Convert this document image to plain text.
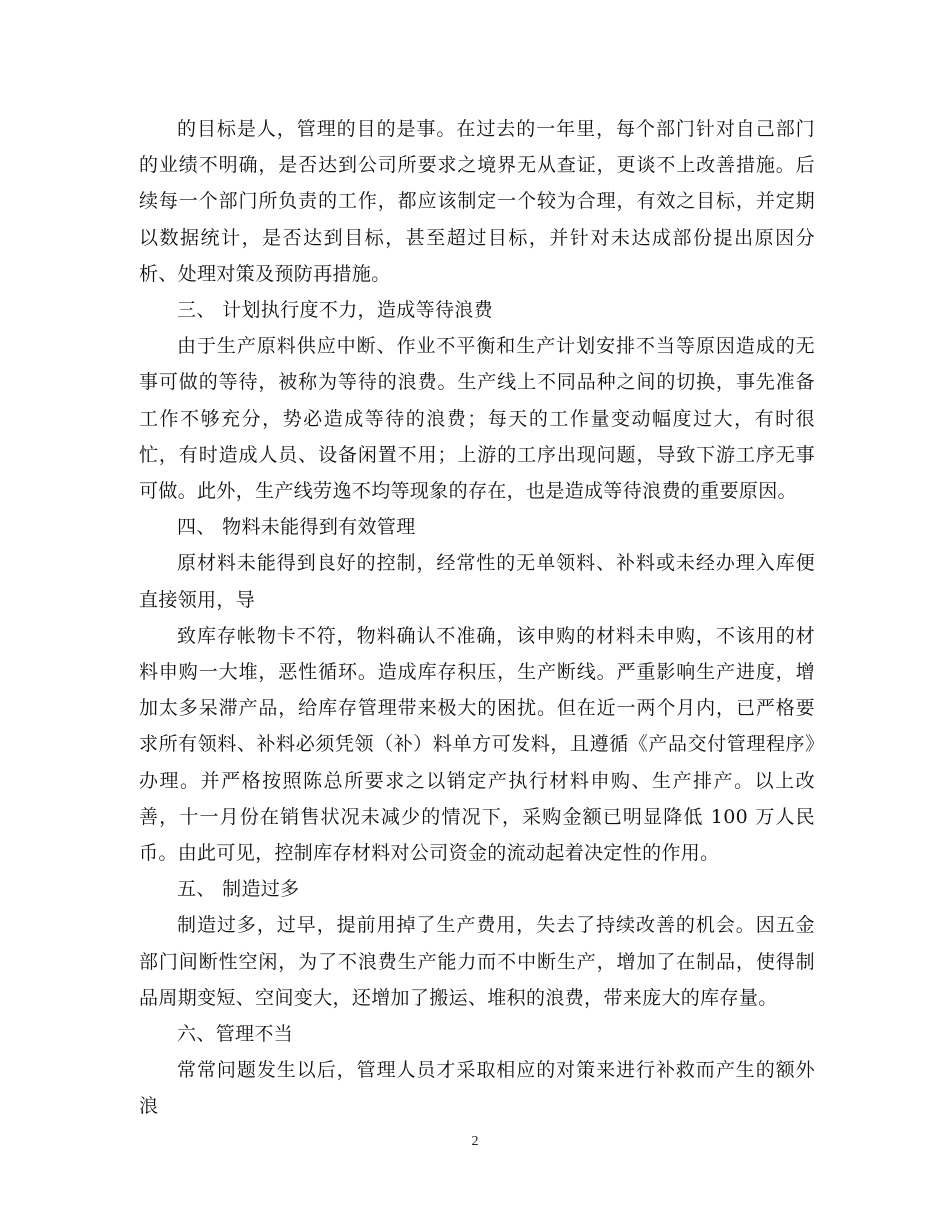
的目标是人，管理的目的是事。在过去的一年里，每个部门针对自己部门的业绩不明确，是否达到公司所要求之境界无从查证，更谈不上改善措施。后续每一个部门所负责的工作，都应该制定一个较为合理，有效之目标，并定期以数据统计，是否达到目标，甚至超过目标，并针对未达成部份提出原因分析、处理对策及预防再措施。

三、 计划执行度不力，造成等待浪费

由于生产原料供应中断、作业不平衡和生产计划安排不当等原因造成的无事可做的等待，被称为等待的浪费。生产线上不同品种之间的切换，事先准备工作不够充分，势必造成等待的浪费；每天的工作量变动幅度过大，有时很忙，有时造成人员、设备闲置不用；上游的工序出现问题，导致下游工序无事可做。此外，生产线劳逸不均等现象的存在，也是造成等待浪费的重要原因。

四、 物料未能得到有效管理

原材料未能得到良好的控制，经常性的无单领料、补料或未经办理入库便直接领用，导

致库存帐物卡不符，物料确认不准确，该申购的材料未申购，不该用的材料申购一大堆，恶性循环。造成库存积压，生产断线。严重影响生产进度，增加太多呆滞产品，给库存管理带来极大的困扰。但在近一两个月内，已严格要求所有领料、补料必须凭领（补）料单方可发料，且遵循《产品交付管理程序》办理。并严格按照陈总所要求之以销定产执行材料申购、生产排产。以上改善，十一月份在销售状况未减少的情况下，采购金额已明显降低 100 万人民币。由此可见，控制库存材料对公司资金的流动起着决定性的作用。

五、 制造过多

制造过多，过早，提前用掉了生产费用，失去了持续改善的机会。因五金部门间断性空闲，为了不浪费生产能力而不中断生产，增加了在制品，使得制品周期变短、空间变大，还增加了搬运、堆积的浪费，带来庞大的库存量。

六、管理不当

常常问题发生以后，管理人员才采取相应的对策来进行补救而产生的额外浪

2
